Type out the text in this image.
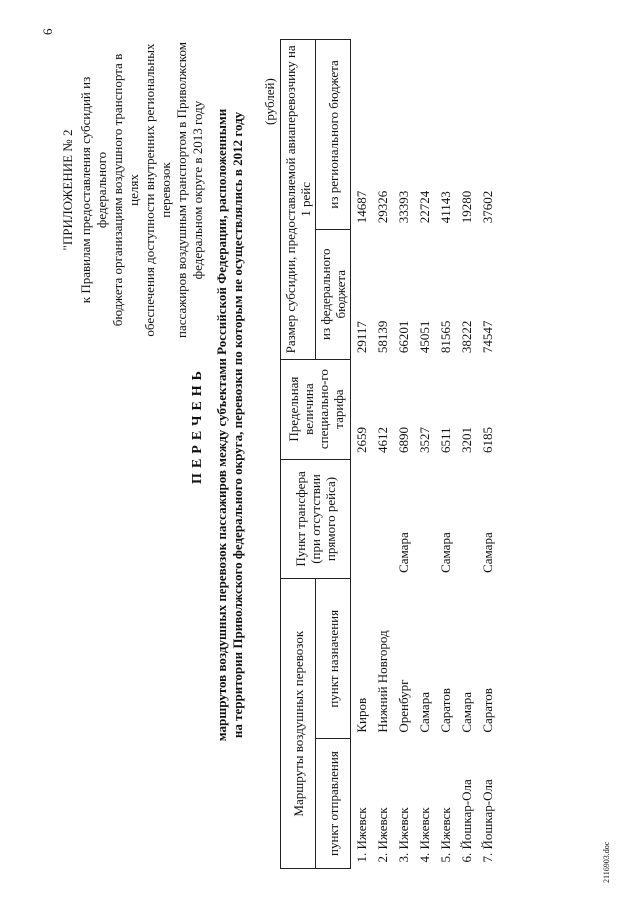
6
"ПРИЛОЖЕНИЕ № 2 к Правилам предоставления субсидий из федерального бюджета организациям воздушного транспорта в целях обеспечения доступности внутренних региональных перевозок пассажиров воздушным транспортом в Приволжском федеральном округе в 2013 году
ПЕРЕЧЕНЬ маршрутов воздушных перевозок пассажиров между субъектами Российской Федерации, расположенными на территории Приволжского федерального округа, перевозки по которым не осуществлялись в 2012 году
(рублей)
Маршруты воздушных перевозок		Пункт трансфера (при отсутствии прямого рейса)	Предельная величина специально-го тарифа	Размер субсидии, предоставляемой авиаперевозчику на 1 рейс	
пункт отправления	пункт назначения			из федерального бюджета	из регионального бюджета
1. Ижевск	Киров		2659	29117	14687
2. Ижевск	Нижний Новгород		4612	58139	29326
3. Ижевск	Оренбург	Самара	6890	66201	33393
4. Ижевск	Самара		3527	45051	22724
5. Ижевск	Саратов	Самара	6511	81565	41143
6. Йошкар-Ола	Самара		3201	38222	19280
7. Йошкар-Ола	Саратов	Самара	6185	74547	37602
2116903.doc
